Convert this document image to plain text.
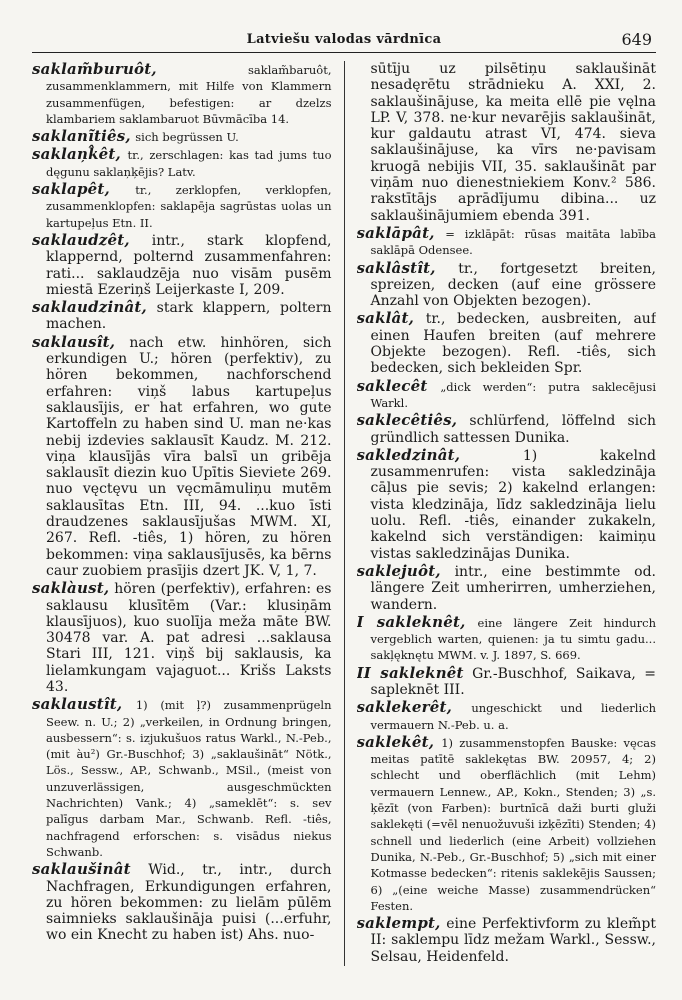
Latviešu valodas vārdnīca	649

saklam̃buruôt,	saklam̃baruôt, zusammenklammern, mit Hilfe von Klammern zusammenfügen, befestigen: ar dzelzs klambariem saklambaruot Būvmācība 14.

saklanĩtiês, sich begrüssen U.

saklaņk̂êt, tr., zerschlagen: kas tad jums tuo dęgunu saklaņķējis? Latv.

saklapêt, tr., zerklopfen, verklopfen, zusammenklopfen: saklapēja sagrūstas uolas un kartupeļus Etn. II.

saklaudzêt, intr., stark klopfend, klappernd, polternd zusammenfahren: rati... saklaudzēja nuo visām pusēm miestā Ezeriņš Leijerkaste I, 209.

saklaudzinât, stark klappern, poltern machen.

saklausît, nach etw. hinhören, sich erkundigen U.; hören (perfektiv), zu hören bekommen, nachforschend erfahren: viņš labus kartupeļus saklausījis, er hat erfahren, wo gute Kartoffeln zu haben sind U. man ne·kas nebij izdevies saklausīt Kaudz. M. 212. viņa klausījās vīra balsī un gribēja saklausīt diezin kuo Upītis Sieviete 269. nuo vęctęvu un vęcmāmuliņu mutēm saklausītas Etn. III, 94. ...kuo īsti draudzenes saklausījušas MWM. XI, 267. Refl. -tiês, 1) hören, zu hören bekommen: viņa saklausījusēs, ka bērns caur zuobiem prasījis dzert JK. V, 1, 7.

saklàust, hören (perfektiv), erfahren: es saklausu klusītēm (Var.: klusiņām klausījuos), kuo suolīja meža māte BW. 30478 var. A. pat adresi ...saklausa Stari III, 121. viņš bij saklausis, ka lielamkungam vajaguot... Krišs Laksts 43.

saklaustît, 1) (mit ļ?) zusammenprügeln Seew. n. U.; 2) „verkeilen, in Ordnung bringen, ausbessern“: s. izjukušuos ratus Warkl., N.-Peb., (mit àu²) Gr.-Buschhof; 3) „saklaušināt“ Nötk., Lös., Sessw., AP., Schwanb., MSil., (meist von unzuverlässigen, ausgeschmückten Nachrichten) Vank.; 4) „sameklēt“: s. sev palīgus darbam Mar., Schwanb. Refl. -tiês, nachfragend erforschen: s. visādus niekus Schwanb.

saklaušinât Wid., tr., intr., durch Nachfragen, Erkundigungen erfahren, zu hören bekommen: zu lielām pūlēm saimnieks saklaušināja puisi (...erfuhr, wo ein Knecht zu haben ist) Ahs. nuo-

sūtīju uz pilsētiņu saklaušināt nesadęrētu strādnieku A. XXI, 2. saklaušinājuse, ka meita ellē pie vęlna LP. V, 378. ne·kur nevarējis saklaušināt, kur galdautu atrast VI, 474. sieva saklaušinājuse, ka vīrs ne·pavisam kruogā nebijis VII, 35. saklaušināt par viņām nuo dienestniekiem Konv.² 586. rakstītājs aprādījumu dibina... uz saklaušinājumiem ebenda 391.

saklāpât, = izklāpāt: rūsas maitāta labība saklāpā Odensee.

saklâstît, tr., fortgesetzt breiten, spreizen, decken (auf eine grössere Anzahl von Objekten bezogen).

saklât, tr., bedecken, ausbreiten, auf einen Haufen breiten (auf mehrere Objekte bezogen). Refl. -tiês, sich bedecken, sich bekleiden Spr.

saklecêt „dick werden“: putra saklecējusi Warkl.

saklecêtiês, schlürfend, löffelnd sich gründlich sattessen Dunika.

sakledzinât,	1) kakelnd zusammenrufen: vista sakledzināja cāļus pie sevis; 2) kakelnd erlangen: vista kledzināja, līdz sakledzināja lielu uolu. Refl. -tiês, einander zukakeln, kakelnd sich verständigen: kaimiņu vistas sakledzinājas Dunika.

saklejuôt, intr., eine bestimmte od. längere Zeit umherirren, umherziehen, wandern.

I sakleknêt, eine längere Zeit hindurch vergeblich warten, quienen: ja tu simtu gadu... sakļęknętu MWM. v. J. 1897, S. 669.

II sakleknêt Gr.-Buschhof, Saikava, = sapleknēt III.

saklekerêt, ungeschickt und liederlich vermauern N.-Peb. u. a.

saklekêt, 1) zusammenstopfen Bauske: vęcas meitas patītē saklekętas BW. 20957, 4; 2) schlecht und oberflächlich (mit Lehm) vermauern Lennew., AP., Kokn., Stenden; 3) „s. ķēzīt (von Farben): burtnīcā daži burti gluži saklekęti (=vēl nenuožuvuši izķēzīti) Stenden; 4) schnell und liederlich (eine Arbeit) vollziehen Dunika, N.-Peb., Gr.-Buschhof; 5) „sich mit einer Kotmasse bedecken“: ritenis saklekējis Saussen; 6) „(eine weiche Masse) zusammendrücken“ Festen.

saklempt, eine Perfektivform zu klem̃pt II: saklempu līdz mežam Warkl., Sessw., Selsau, Heidenfeld.
